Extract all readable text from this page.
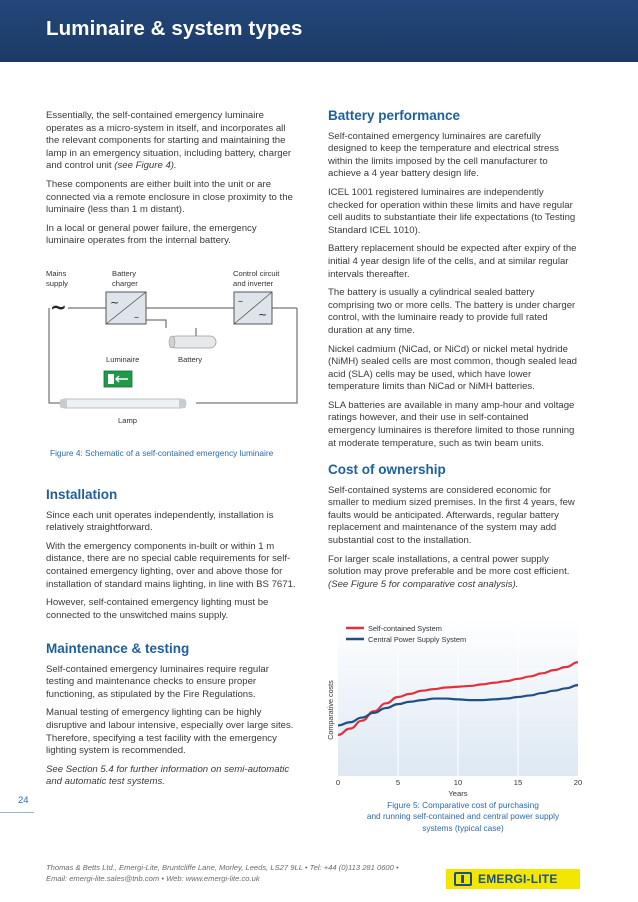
Luminaire & system types

Essentially, the self-contained emergency luminaire operates as a micro-system in itself, and incorporates all the relevant components for starting and maintaining the lamp in an emergency situation, including battery, charger and control unit (see Figure 4).

These components are either built into the unit or are connected via a remote enclosure in close proximity to the luminaire (less than 1 m distant).

In a local or general power failure, the emergency luminaire operates from the internal battery.

Mains
supply
Battery
charger
Control circuit
and inverter
Luminaire	Battery
Lamp
~	~
–
–
~
Figure 4: Schematic of a self-contained emergency luminaire
Installation

Since each unit operates independently, installation is relatively straightforward.

With the emergency components in-built or within 1 m distance, there are no special cable requirements for self-contained emergency lighting, over and above those for installation of standard mains lighting, in line with BS 7671.

However, self-contained emergency lighting must be connected to the unswitched mains supply.

Maintenance & testing

Self-contained emergency luminaires require regular testing and maintenance checks to ensure proper functioning, as stipulated by the Fire Regulations.

Manual testing of emergency lighting can be highly disruptive and labour intensive, especially over large sites. Therefore, specifying a test facility with the emergency lighting system is recommended.

See Section 5.4 for further information on semi-automatic and automatic test systems.

Battery performance

Self-contained emergency luminaires are carefully designed to keep the temperature and electrical stress within the limits imposed by the cell manufacturer to achieve a 4 year battery design life.

ICEL 1001 registered luminaires are independently checked for operation within these limits and have regular cell audits to substantiate their life expectations (to Testing Standard ICEL 1010).

Battery replacement should be expected after expiry of the initial 4 year design life of the cells, and at similar regular intervals thereafter.

The battery is usually a cylindrical sealed battery comprising two or more cells. The battery is under charger control, with the luminaire ready to provide full rated duration at any time.

Nickel cadmium (NiCad, or NiCd) or nickel metal hydride (NiMH) sealed cells are most common, though sealed lead acid (SLA) cells may be used, which have lower temperature limits than NiCad or NiMH batteries.

SLA batteries are available in many amp-hour and voltage ratings however, and their use in self-contained emergency luminaires is therefore limited to those running at moderate temperature, such as twin beam units.

Cost of ownership

Self-contained systems are considered economic for smaller to medium sized premises. In the first 4 years, few faults would be anticipated. Afterwards, regular battery replacement and maintenance of the system may add substantial cost to the installation.

For larger scale installations, a central power supply solution may prove preferable and be more cost efficient. (See Figure 5 for comparative cost analysis).

Self-contained System
Central Power Supply System
0	5	10	15	20
Years
Comparative costs
Figure 5: Comparative cost of purchasing
and running self-contained and central power supply
systems (typical case)
24
Thomas & Betts Ltd., Emergi-Lite, Bruntcliffe Lane, Morley, Leeds, LS27 9LL • Tel: +44 (0)113 281 0600 •
Email: emergi-lite.sales@tnb.com • Web: www.emergi-lite.co.uk	EMERGI-LITE
